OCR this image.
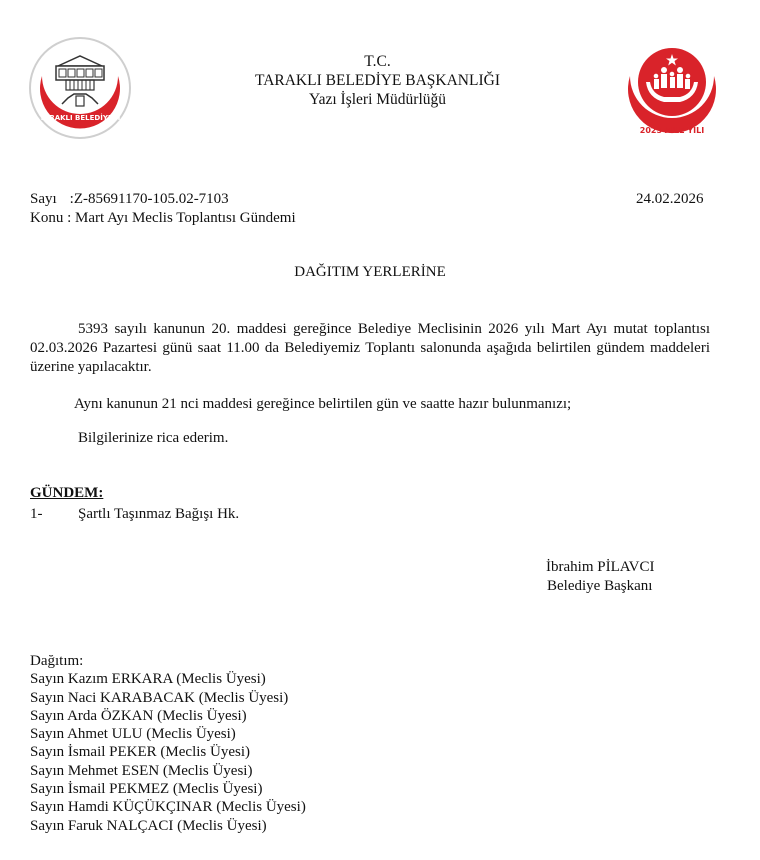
TARAKLI BELEDİYESİ
2025 AİLE YILI
T.C.
TARAKLI BELEDİYE BAŞKANLIĞI
Yazı İşleri Müdürlüğü
Sayı :Z-85691170-105.02-7103
Konu : Mart Ayı Meclis Toplantısı Gündemi
24.02.2026
DAĞITIM YERLERİNE
5393 sayılı kanunun 20. maddesi gereğince Belediye Meclisinin 2026 yılı Mart Ayı mutat toplantısı 02.03.2026 Pazartesi günü saat 11.00 da Belediyemiz Toplantı salonunda aşağıda belirtilen gündem maddeleri üzerine yapılacaktır.
Aynı kanunun 21 nci maddesi gereğince belirtilen gün ve saatte hazır bulunmanızı;
Bilgilerinize rica ederim.
GÜNDEM:
1- Şartlı Taşınmaz Bağışı Hk.
İbrahim PİLAVCI
Belediye Başkanı
Dağıtım:
Sayın Kazım ERKARA (Meclis Üyesi)
Sayın Naci KARABACAK (Meclis Üyesi)
Sayın Arda ÖZKAN (Meclis Üyesi)
Sayın Ahmet ULU (Meclis Üyesi)
Sayın İsmail PEKER (Meclis Üyesi)
Sayın Mehmet ESEN (Meclis Üyesi)
Sayın İsmail PEKMEZ (Meclis Üyesi)
Sayın Hamdi KÜÇÜKÇINAR (Meclis Üyesi)
Sayın Faruk NALÇACI (Meclis Üyesi)
